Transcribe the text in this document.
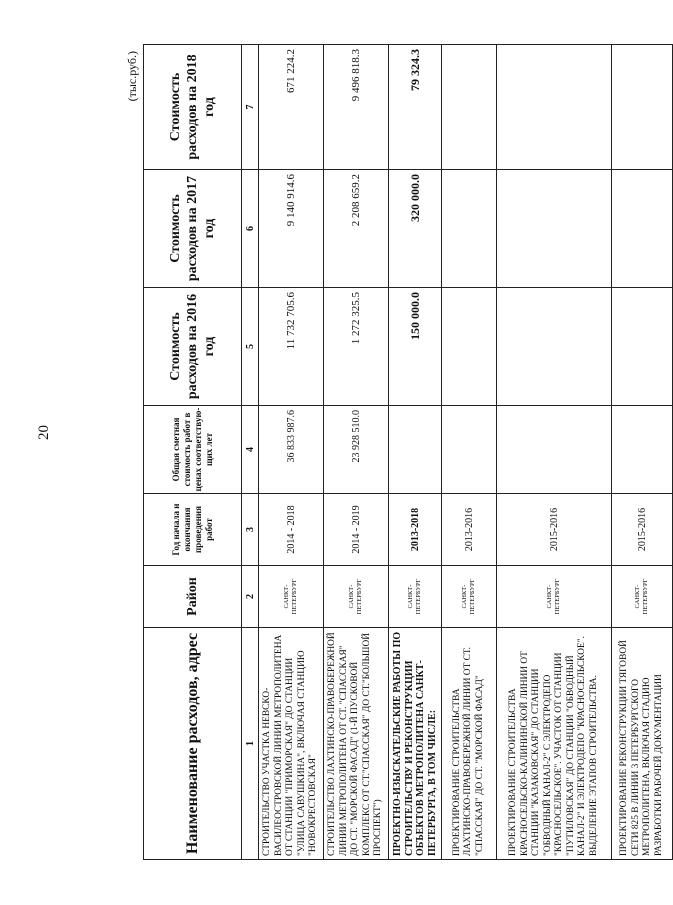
20
(тыс.руб.)
Наименование расходов, адрес	Район	Год начала и окончания проведения работ	Общая сметная стоимость работ в ценах соответствую-щих лет	Стоимость расходов на 2016 год	Стоимость расходов на 2017 год	Стоимость расходов на 2018 год
1	2	3	4	5	6	7
СТРОИТЕЛЬСТВО УЧАСТКА НЕВСКО-ВАСИЛЕОСТРОВСКОЙ ЛИНИИ МЕТРОПОЛИТЕНА ОТ СТАНЦИИ "ПРИМОРСКАЯ" ДО СТАНЦИИ "УЛИЦА САВУШКИНА", ВКЛЮЧАЯ СТАНЦИЮ "НОВОКРЕСТОВСКАЯ"	САНКТ-ПЕТЕРБУРГ	2014 - 2018	36 833 987.6	11 732 705.6	9 140 914.6	671 224.2
СТРОИТЕЛЬСТВО ЛАХТИНСКО-ПРАВОБЕРЕЖНОЙ ЛИНИИ МЕТРОПОЛИТЕНА ОТ СТ. "СПАССКАЯ" ДО СТ. "МОРСКОЙ ФАСАД" (1-Й ПУСКОВОЙ КОМПЛЕКС ОТ СТ."СПАССКАЯ" ДО СТ."БОЛЬШОЙ ПРОСПЕКТ")	САНКТ-ПЕТЕРБУРГ	2014 - 2019	23 928 510.0	1 272 325.5	2 208 659.2	9 496 818.3
ПРОЕКТНО-ИЗЫСКАТЕЛЬСКИЕ РАБОТЫ ПО СТРОИТЕЛЬСТВУ И РЕКОНСТРУКЦИИ ОБЪЕКТОВ МЕТРОПОЛИТЕНА САНКТ-ПЕТЕРБУРГА, В ТОМ ЧИСЛЕ:	САНКТ-ПЕТЕРБУРГ	2013-2018		150 000.0	320 000.0	79 324.3
ПРОЕКТИРОВАНИЕ СТРОИТЕЛЬСТВА ЛАХТИНСКО-ПРАВОБЕРЕЖНОЙ ЛИНИИ ОТ СТ. "СПАССКАЯ" ДО СТ. "МОРСКОЙ ФАСАД"	САНКТ-ПЕТЕРБУРГ	2013-2016				
ПРОЕКТИРОВАНИЕ СТРОИТЕЛЬСТВА КРАСНОСЕЛЬСКО-КАЛИНИНСКОЙ ЛИНИИ ОТ СТАНЦИИ "КАЗАКОВСКАЯ" ДО СТАНЦИИ "ОБВОДНЫЙ КАНАЛ-2" С ЭЛЕКТРОДЕПО "КРАСНОСЕЛЬСКОЕ". УЧАСТОК ОТ СТАНЦИИ "ПУТИЛОВСКАЯ" ДО СТАНЦИИ "ОБВОДНЫЙ КАНАЛ-2" И ЭЛЕКТРОДЕПО "КРАСНОСЕЛЬСКОЕ". ВЫДЕЛЕНИЕ ЭТАПОВ СТРОИТЕЛЬСТВА.	САНКТ-ПЕТЕРБУРГ	2015-2016				
ПРОЕКТИРОВАНИЕ РЕКОНСТРУКЦИИ ТЯГОВОЙ СЕТИ 825 В ЛИНИИ 3 ПЕТЕРБУРГСКОГО МЕТРОПОЛИТЕНА, ВКЛЮЧАЯ СТАДИЮ РАЗРАБОТКИ РАБОЧЕЙ ДОКУМЕНТАЦИИ	САНКТ-ПЕТЕРБУРГ	2015-2016				
